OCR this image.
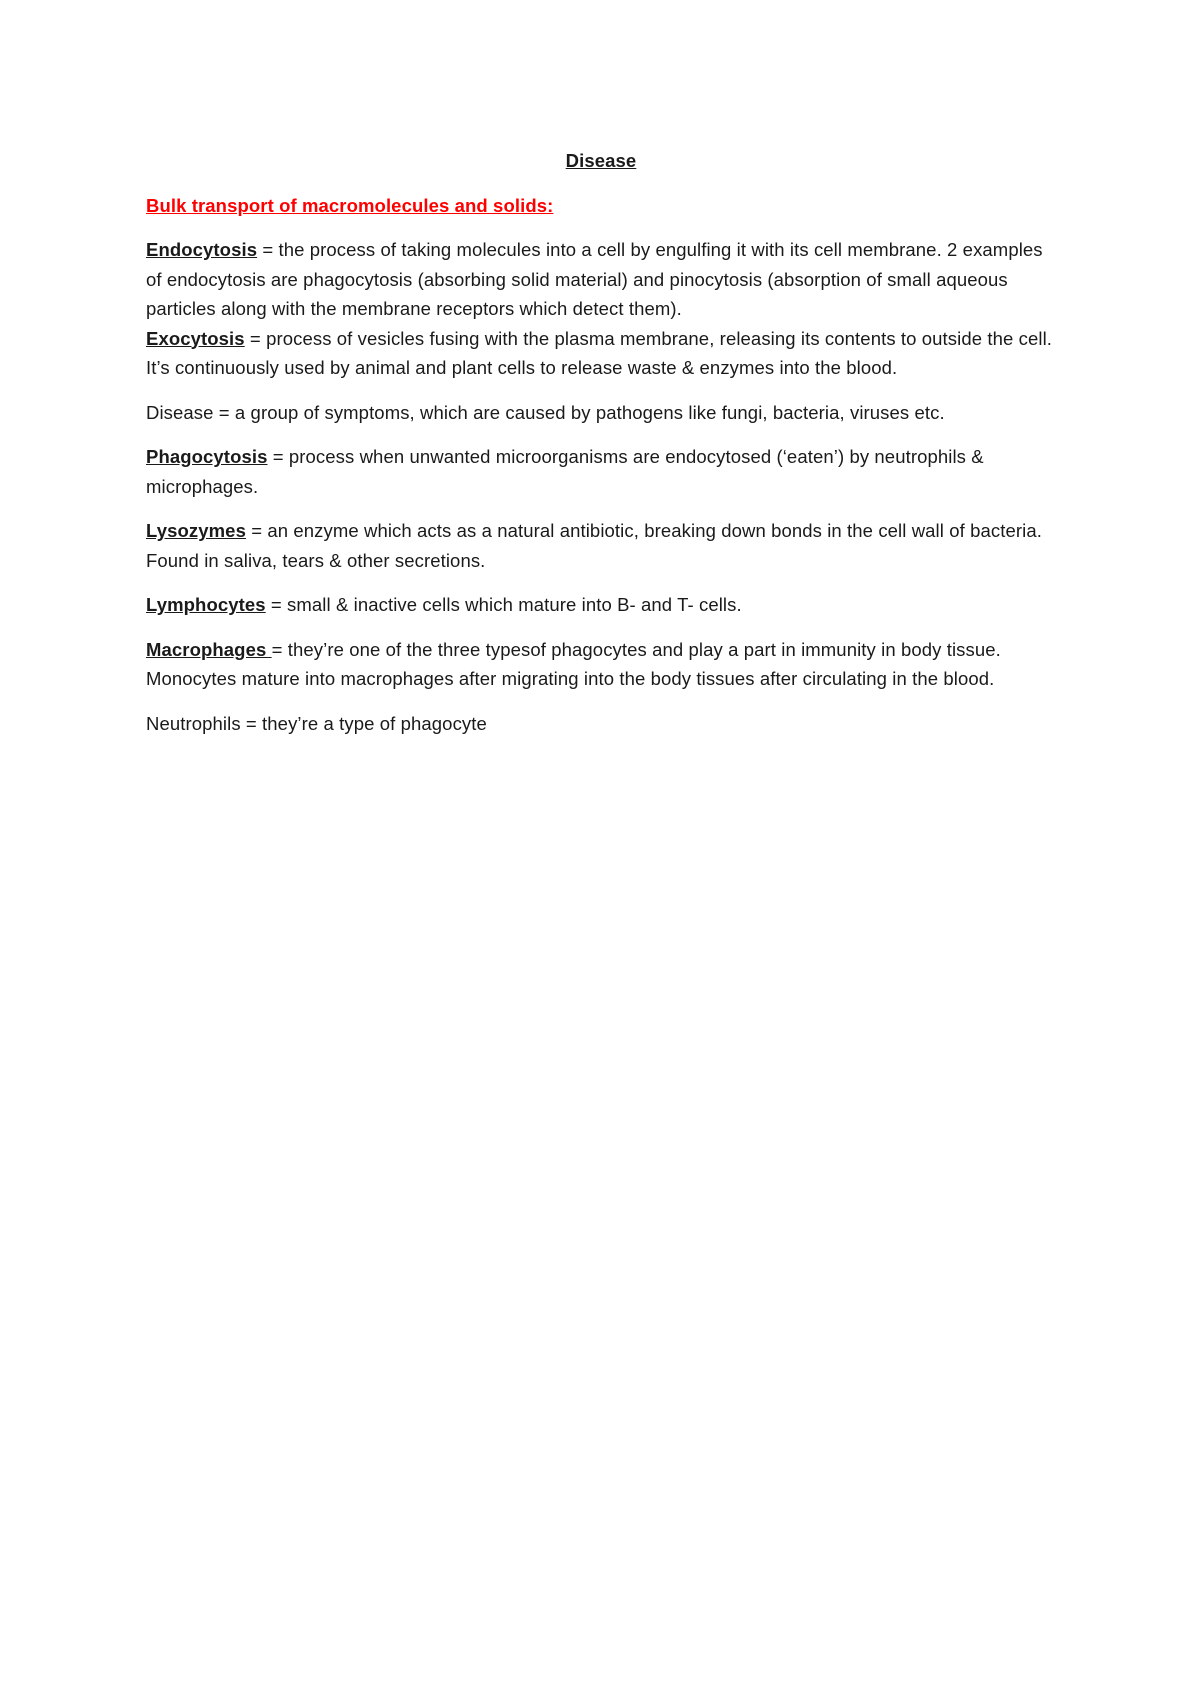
Disease
Bulk transport of macromolecules and solids:

Endocytosis = the process of taking molecules into a cell by engulfing it with its cell membrane. 2 examples of endocytosis are phagocytosis (absorbing solid material) and pinocytosis (absorption of small aqueous particles along with the membrane receptors which detect them).

Exocytosis = process of vesicles fusing with the plasma membrane, releasing its contents to outside the cell. It’s continuously used by animal and plant cells to release waste & enzymes into the blood.

Disease = a group of symptoms, which are caused by pathogens like fungi, bacteria, viruses etc.

Phagocytosis = process when unwanted microorganisms are endocytosed (‘eaten’) by neutrophils & microphages.

Lysozymes = an enzyme which acts as a natural antibiotic, breaking down bonds in the cell wall of bacteria. Found in saliva, tears & other secretions.

Lymphocytes = small & inactive cells which mature into B- and T- cells.

Macrophages = they’re one of the three typesof phagocytes and play a part in immunity in body tissue. Monocytes mature into macrophages after migrating into the body tissues after circulating in the blood.

Neutrophils = they’re a type of phagocyte
